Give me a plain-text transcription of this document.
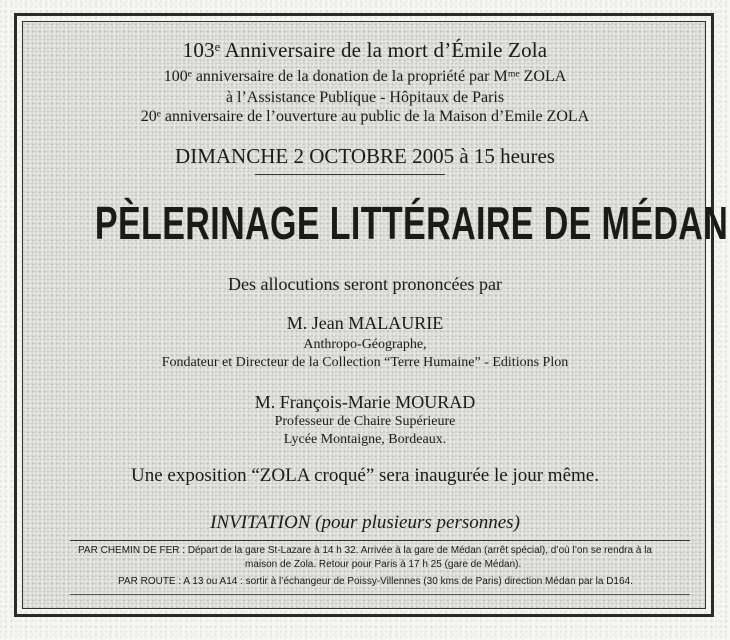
103ᵉ Anniversaire de la mort d’Émile Zola
100ᵉ anniversaire de la donation de la propriété par Mᵐᵉ ZOLA
à l’Assistance Publique - Hôpitaux de Paris
20ᵉ anniversaire de l’ouverture au public de la Maison d’Emile ZOLA
DIMANCHE 2 OCTOBRE 2005 à 15 heures
PÈLERINAGE LITTÉRAIRE DE MÉDAN
Des allocutions seront prononcées par
M. Jean MALAURIE
Anthropo-Géographe,
Fondateur et Directeur de la Collection “Terre Humaine” - Editions Plon
M. François-Marie MOURAD
Professeur de Chaire Supérieure
Lycée Montaigne, Bordeaux.
Une exposition “ZOLA croqué” sera inaugurée le jour même.
INVITATION (pour plusieurs personnes)
PAR CHEMIN DE FER : Départ de la gare St-Lazare à 14 h 32. Arrivée à la gare de Médan (arrêt spécial), d’où l’on se rendra à la
maison de Zola. Retour pour Paris à 17 h 25 (gare de Médan).
PAR ROUTE : A 13 ou A14 : sortir à l’échangeur de Poissy-Villennes (30 kms de Paris) direction Médan par la D164.
